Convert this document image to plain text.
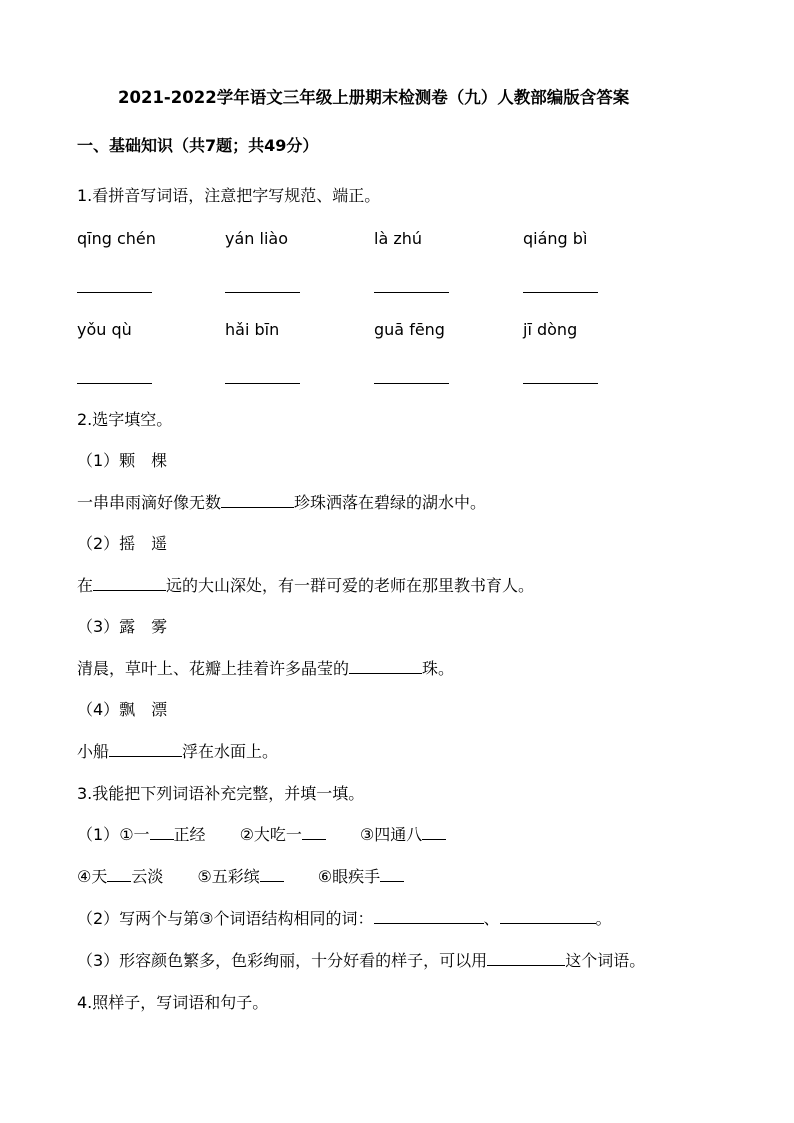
2021-2022学年语文三年级上册期末检测卷（九）人教部编版含答案
一、基础知识（共7题；共49分）
1.看拼音写词语，注意把字写规范、端正。
qīng chén	yán liào	là zhú	qiáng bì
yǒu qù	hǎi bīn	guā fēng	jī dòng
2.选字填空。
（1）颗　棵
一串串雨滴好像无数	珍珠洒落在碧绿的湖水中。
（2）摇　遥
在	远的大山深处，有一群可爱的老师在那里教书育人。
（3）露　雾
清晨，草叶上、花瓣上挂着许多晶莹的	珠。
（4）飘　漂
小船	浮在水面上。
3.我能把下列词语补充完整，并填一填。
（1）①一 正经 ②大吃一	③四通八
④天 云淡 ⑤五彩缤	⑥眼疾手
（2）写两个与第③个词语结构相同的词：	、	。
（3）形容颜色繁多，色彩绚丽，十分好看的样子，可以用	这个词语。
4.照样子，写词语和句子。
